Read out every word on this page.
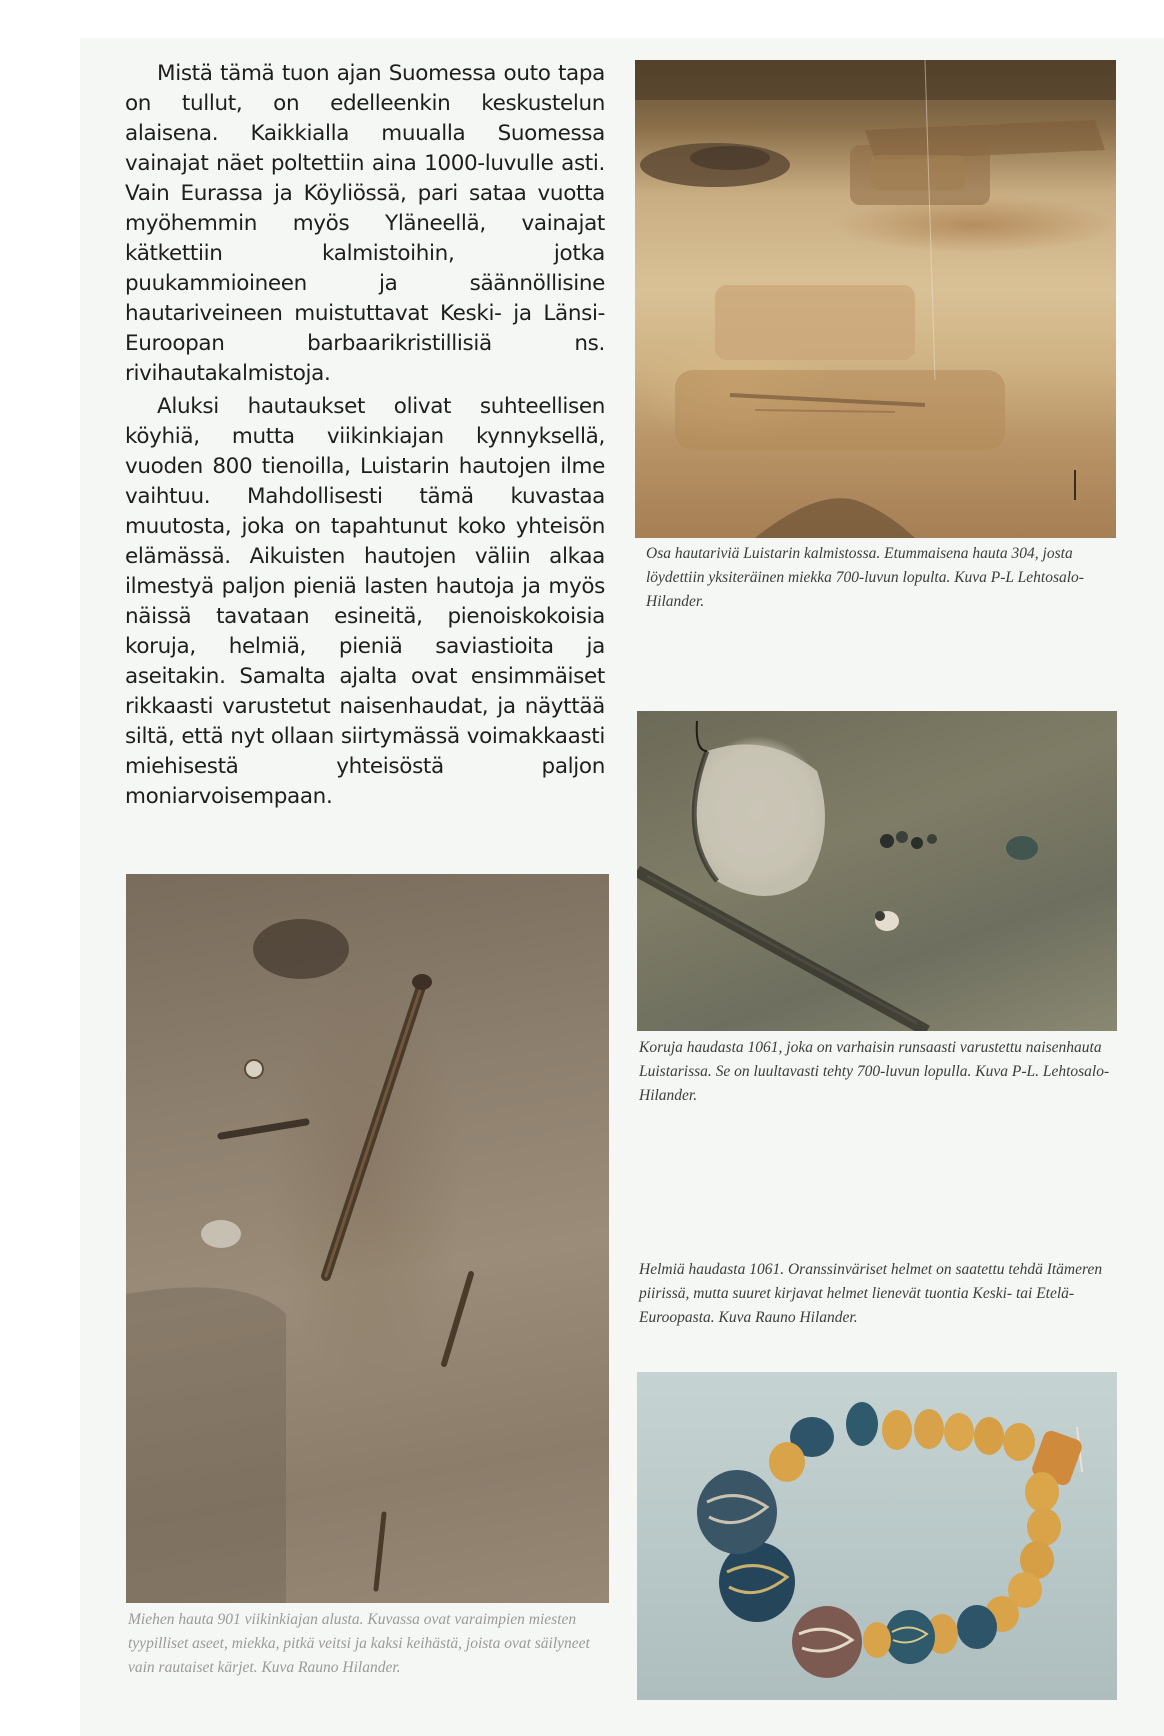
Mistä tämä tuon ajan Suomessa outo tapa on tullut, on edelleenkin keskustelun alaisena. Kaikkialla muualla Suomessa vainajat näet poltettiin aina 1000-luvulle asti. Vain Eurassa ja Köyliössä, pari sataa vuotta myöhemmin myös Yläneellä, vainajat kätkettiin kalmistoihin, jotka puukammioineen ja säännöllisine hautariveineen muistuttavat Keski- ja Länsi-Euroopan barbaarikristillisiä ns. rivihautakalmistoja.

Aluksi hautaukset olivat suhteellisen köyhiä, mutta viikinkiajan kynnyksellä, vuoden 800 tienoilla, Luistarin hautojen ilme vaihtuu. Mahdollisesti tämä kuvastaa muutosta, joka on tapahtunut koko yhteisön elämässä. Aikuisten hautojen väliin alkaa ilmestyä paljon pieniä lasten hautoja ja myös näissä tavataan esineitä, pienoiskokoisia koruja, helmiä, pieniä saviastioita ja aseitakin. Samalta ajalta ovat ensimmäiset rikkaasti varustetut naisenhaudat, ja näyttää siltä, että nyt ollaan siirtymässä voimakkaasti miehisestä yhteisöstä paljon moniarvoisempaan.

Osa hautariviä Luistarin kalmistossa. Etummaisena hauta 304, josta löydettiin yksiteräinen miekka 700-luvun lopulta. Kuva P-L Lehtosalo-Hilander.

Koruja haudasta 1061, joka on varhaisin runsaasti varustettu naisenhauta Luistarissa. Se on luultavasti tehty 700-luvun lopulla. Kuva P-L. Lehtosalo-Hilander.

Helmiä haudasta 1061. Oranssinväriset helmet on saatettu tehdä Itämeren piirissä, mutta suuret kirjavat helmet lienevät tuontia Keski- tai Etelä-Euroopasta. Kuva Rauno Hilander.

Miehen hauta 901 viikinkiajan alusta. Kuvassa ovat varaimpien miesten tyypilliset aseet, miekka, pitkä veitsi ja kaksi keihästä, joista ovat säilyneet vain rautaiset kärjet. Kuva Rauno Hilander.
